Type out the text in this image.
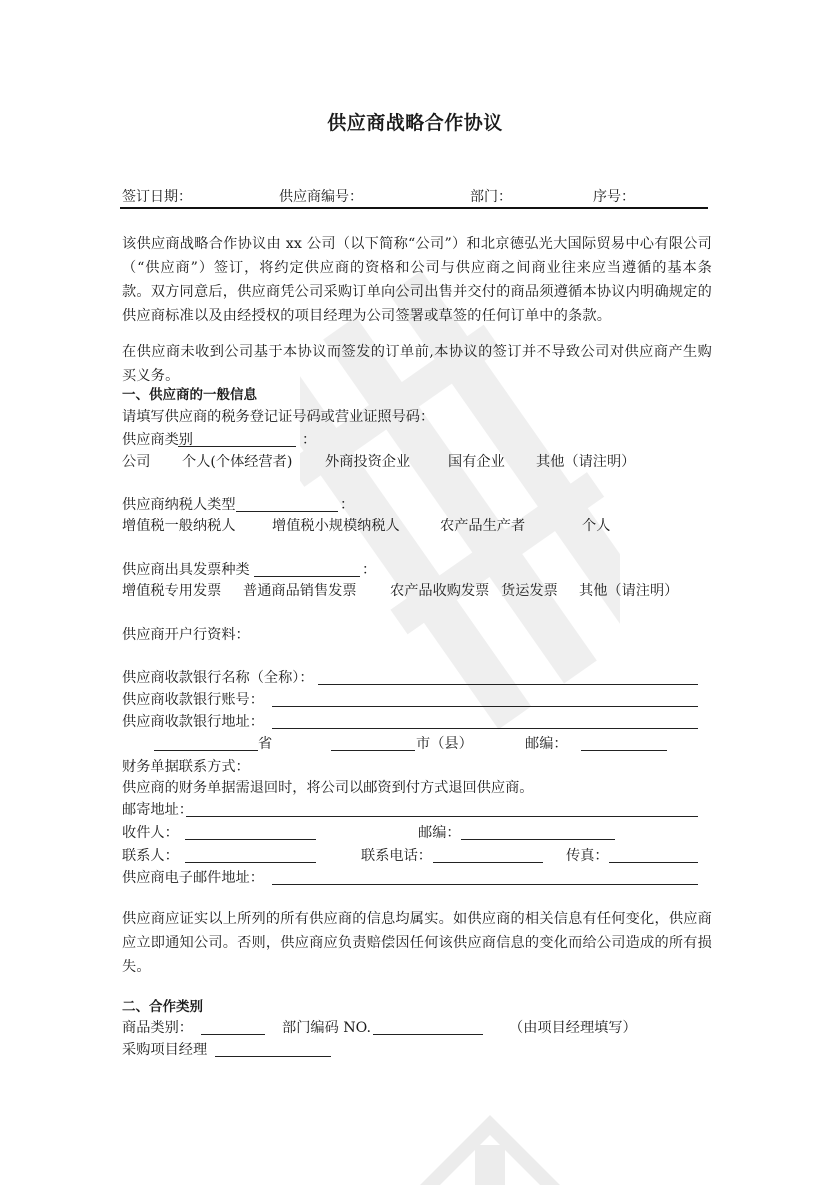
供应商战略合作协议
签订日期：	供应商编号：	部门：	序号：
该供应商战略合作协议由 xx 公司（以下简称“公司”）和北京德弘光大国际贸易中心有限公司（“供应商”）签订，将约定供应商的资格和公司与供应商之间商业往来应当遵循的基本条款。双方同意后，供应商凭公司采购订单向公司出售并交付的商品须遵循本协议内明确规定的供应商标准以及由经授权的项目经理为公司签署或草签的任何订单中的条款。
在供应商未收到公司基于本协议而签发的订单前,本协议的签订并不导致公司对供应商产生购买义务。
一、供应商的一般信息
请填写供应商的税务登记证号码或营业证照号码：
供应商类别	：
公司 个人(个体经营者) 外商投资企业	国有企业 其他（请注明）
供应商纳税人类型	：
增值税一般纳税人	增值税小规模纳税人	农产品生产者	个人
供应商出具发票种类	：
增值税专用发票 普通商品销售发票 农产品收购发票 货运发票 其他（请注明）
供应商开户行资料：
供应商收款银行名称（全称）：
供应商收款银行账号：
供应商收款银行地址：
省	市（县）	邮编：
财务单据联系方式：
供应商的财务单据需退回时，将公司以邮资到付方式退回供应商。
邮寄地址：
收件人：	邮编：
联系人：	联系电话：	传真：
供应商电子邮件地址：
供应商应证实以上所列的所有供应商的信息均属实。如供应商的相关信息有任何变化，供应商应立即通知公司。否则，供应商应负责赔偿因任何该供应商信息的变化而给公司造成的所有损失。
二、合作类别
商品类别：	部门编码 NO.	（由项目经理填写）
采购项目经理
